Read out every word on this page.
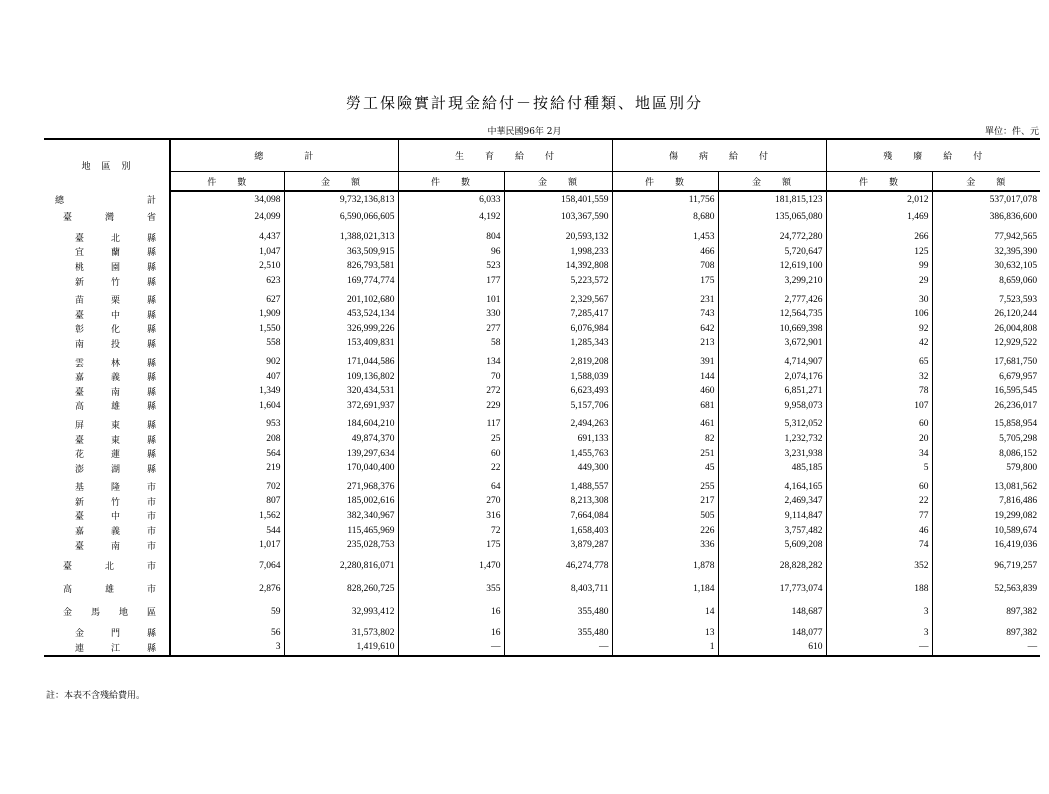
勞工保險實計現金給付－按給付種類、地區別分
中華民國96年 2月	單位：件、元
地　區　別	總　　　　計		生　　育　　給　　付		傷　　病　　給　　付		殘　　廢　　給　　付	
	件　　數	金　　額	件　　數	金　　額	件　　數	金　　額	件　　數	金　　額

總 計	34,098	9,732,136,813	6,033	158,401,559	11,756	181,815,123	2,012	537,017,078

臺 灣 省	24,099	6,590,066,605	4,192	103,367,590	8,680	135,065,080	1,469	386,836,600

臺 北 縣	4,437	1,388,021,313	804	20,593,132	1,453	24,772,280	266	77,942,565

宜 蘭 縣	1,047	363,509,915	96	1,998,233	466	5,720,647	125	32,395,390

桃 園 縣	2,510	826,793,581	523	14,392,808	708	12,619,100	99	30,632,105

新 竹 縣	623	169,774,774	177	5,223,572	175	3,299,210	29	8,659,060

苗 栗 縣	627	201,102,680	101	2,329,567	231	2,777,426	30	7,523,593

臺 中 縣	1,909	453,524,134	330	7,285,417	743	12,564,735	106	26,120,244

彰 化 縣	1,550	326,999,226	277	6,076,984	642	10,669,398	92	26,004,808

南 投 縣	558	153,409,831	58	1,285,343	213	3,672,901	42	12,929,522

雲 林 縣	902	171,044,586	134	2,819,208	391	4,714,907	65	17,681,750

嘉 義 縣	407	109,136,802	70	1,588,039	144	2,074,176	32	6,679,957

臺 南 縣	1,349	320,434,531	272	6,623,493	460	6,851,271	78	16,595,545

高 雄 縣	1,604	372,691,937	229	5,157,706	681	9,958,073	107	26,236,017

屏 東 縣	953	184,604,210	117	2,494,263	461	5,312,052	60	15,858,954

臺 東 縣	208	49,874,370	25	691,133	82	1,232,732	20	5,705,298

花 蓮 縣	564	139,297,634	60	1,455,763	251	3,231,938	34	8,086,152

澎 湖 縣	219	170,040,400	22	449,300	45	485,185	5	579,800

基 隆 市	702	271,968,376	64	1,488,557	255	4,164,165	60	13,081,562

新 竹 市	807	185,002,616	270	8,213,308	217	2,469,347	22	7,816,486

臺 中 市	1,562	382,340,967	316	7,664,084	505	9,114,847	77	19,299,082

嘉 義 市	544	115,465,969	72	1,658,403	226	3,757,482	46	10,589,674

臺 南 市	1,017	235,028,753	175	3,879,287	336	5,609,208	74	16,419,036

臺 北 市	7,064	2,280,816,071	1,470	46,274,778	1,878	28,828,282	352	96,719,257

高 雄 市	2,876	828,260,725	355	8,403,711	1,184	17,773,074	188	52,563,839

金 馬 地 區	59	32,993,412	16	355,480	14	148,687	3	897,382

金 門 縣	56	31,573,802	16	355,480	13	148,077	3	897,382

連 江 縣	3	1,419,610	—	—	1	610	—	—
註：本表不含殘給費用。
